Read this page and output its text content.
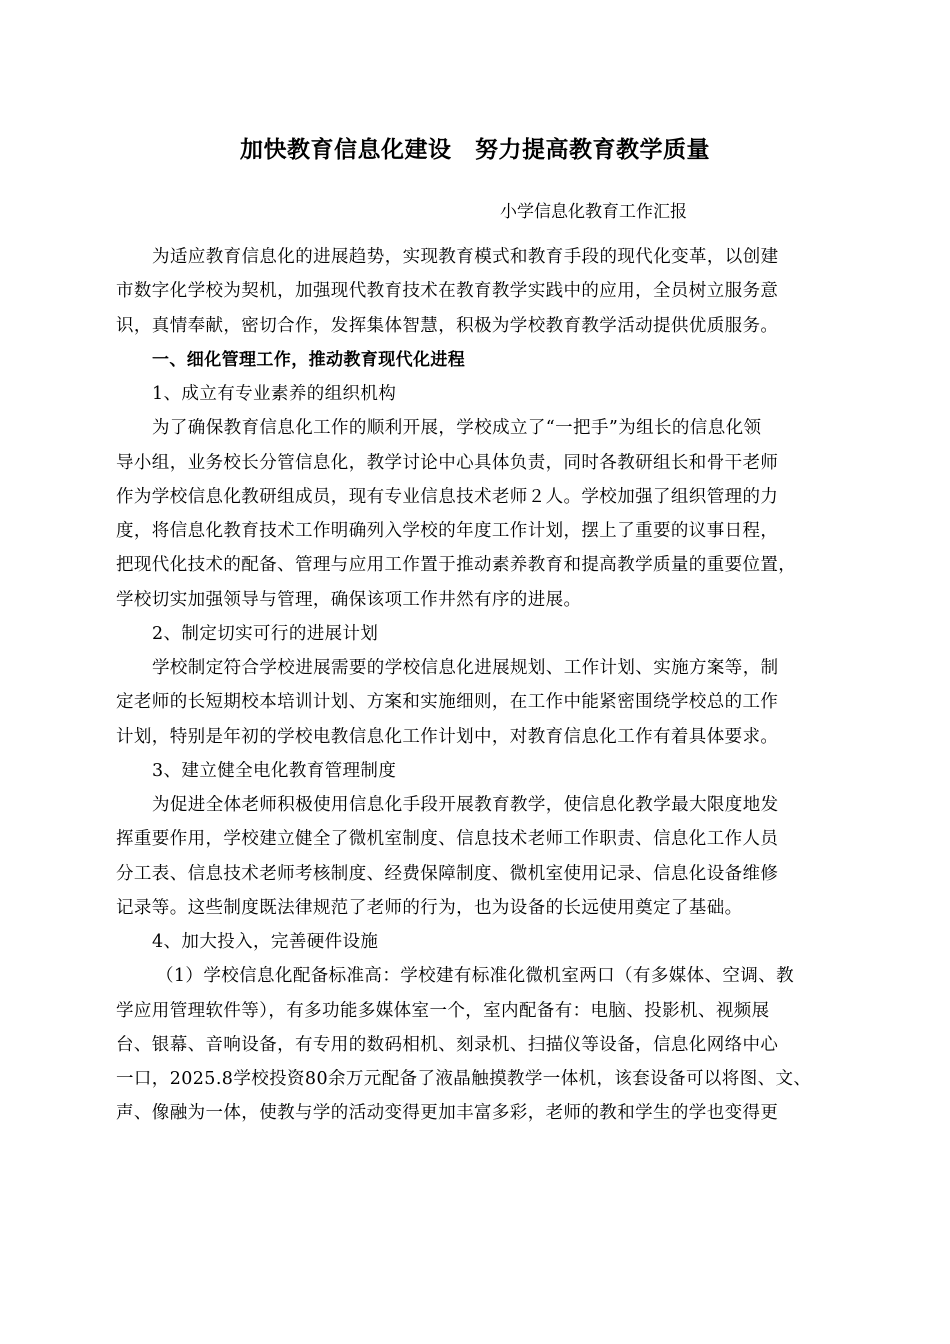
加快教育信息化建设　努力提高教育教学质量
小学信息化教育工作汇报
为适应教育信息化的进展趋势，实现教育模式和教育手段的现代化变革，以创建
市数字化学校为契机，加强现代教育技术在教育教学实践中的应用，全员树立服务意
识，真情奉献，密切合作，发挥集体智慧，积极为学校教育教学活动提供优质服务。
一、细化管理工作，推动教育现代化进程
1、成立有专业素养的组织机构
为了确保教育信息化工作的顺利开展，学校成立了“一把手”为组长的信息化领
导小组，业务校长分管信息化，教学讨论中心具体负责，同时各教研组长和骨干老师
作为学校信息化教研组成员，现有专业信息技术老师２人。学校加强了组织管理的力
度，将信息化教育技术工作明确列入学校的年度工作计划，摆上了重要的议事日程，
把现代化技术的配备、管理与应用工作置于推动素养教育和提高教学质量的重要位置，
学校切实加强领导与管理，确保该项工作井然有序的进展。
2、制定切实可行的进展计划
学校制定符合学校进展需要的学校信息化进展规划、工作计划、实施方案等，制
定老师的长短期校本培训计划、方案和实施细则，在工作中能紧密围绕学校总的工作
计划，特别是年初的学校电教信息化工作计划中，对教育信息化工作有着具体要求。
3、建立健全电化教育管理制度
为促进全体老师积极使用信息化手段开展教育教学，使信息化教学最大限度地发
挥重要作用，学校建立健全了微机室制度、信息技术老师工作职责、信息化工作人员
分工表、信息技术老师考核制度、经费保障制度、微机室使用记录、信息化设备维修
记录等。这些制度既法律规范了老师的行为，也为设备的长远使用奠定了基础。
4、加大投入，完善硬件设施
（1）学校信息化配备标准高：学校建有标准化微机室两口（有多媒体、空调、教
学应用管理软件等），有多功能多媒体室一个，室内配备有：电脑、投影机、视频展
台、银幕、音响设备，有专用的数码相机、刻录机、扫描仪等设备，信息化网络中心
一口，2025.8学校投资80余万元配备了液晶触摸教学一体机，该套设备可以将图、文、
声、像融为一体，使教与学的活动变得更加丰富多彩，老师的教和学生的学也变得更
